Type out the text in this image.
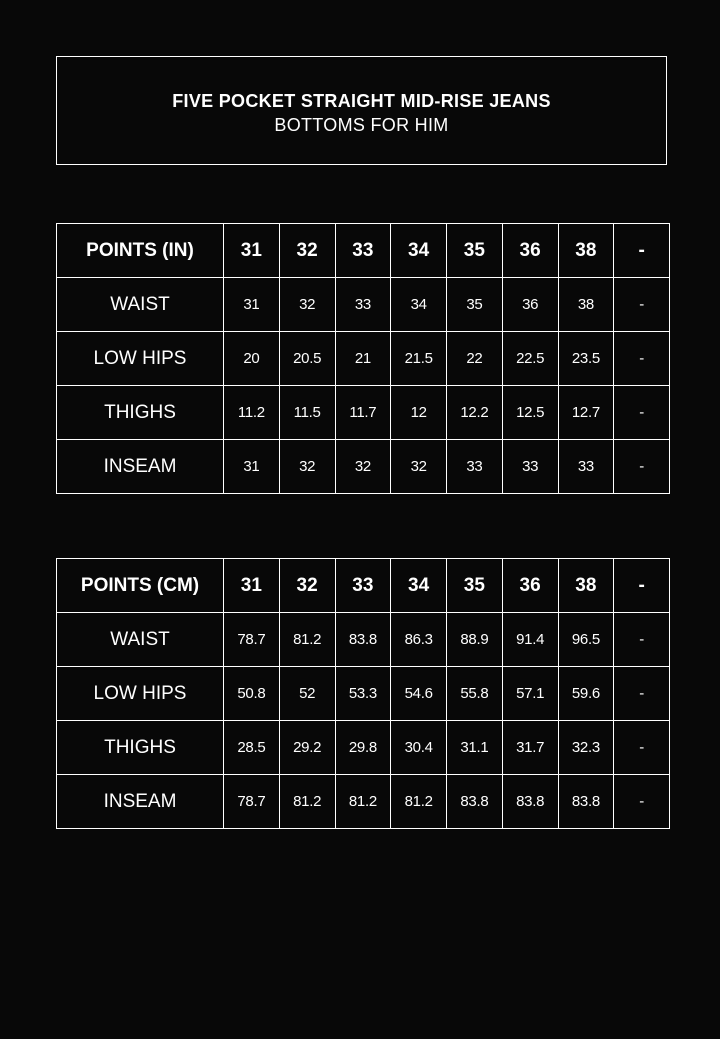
FIVE POCKET STRAIGHT MID-RISE JEANS
BOTTOMS FOR HIM
POINTS (IN)	31	32	33	34	35	36	38	-
WAIST	31	32	33	34	35	36	38	-
LOW HIPS	20	20.5	21	21.5	22	22.5	23.5	-
THIGHS	11.2	11.5	11.7	12	12.2	12.5	12.7	-
INSEAM	31	32	32	32	33	33	33	-
POINTS (CM)	31	32	33	34	35	36	38	-
WAIST	78.7	81.2	83.8	86.3	88.9	91.4	96.5	-
LOW HIPS	50.8	52	53.3	54.6	55.8	57.1	59.6	-
THIGHS	28.5	29.2	29.8	30.4	31.1	31.7	32.3	-
INSEAM	78.7	81.2	81.2	81.2	83.8	83.8	83.8	-
